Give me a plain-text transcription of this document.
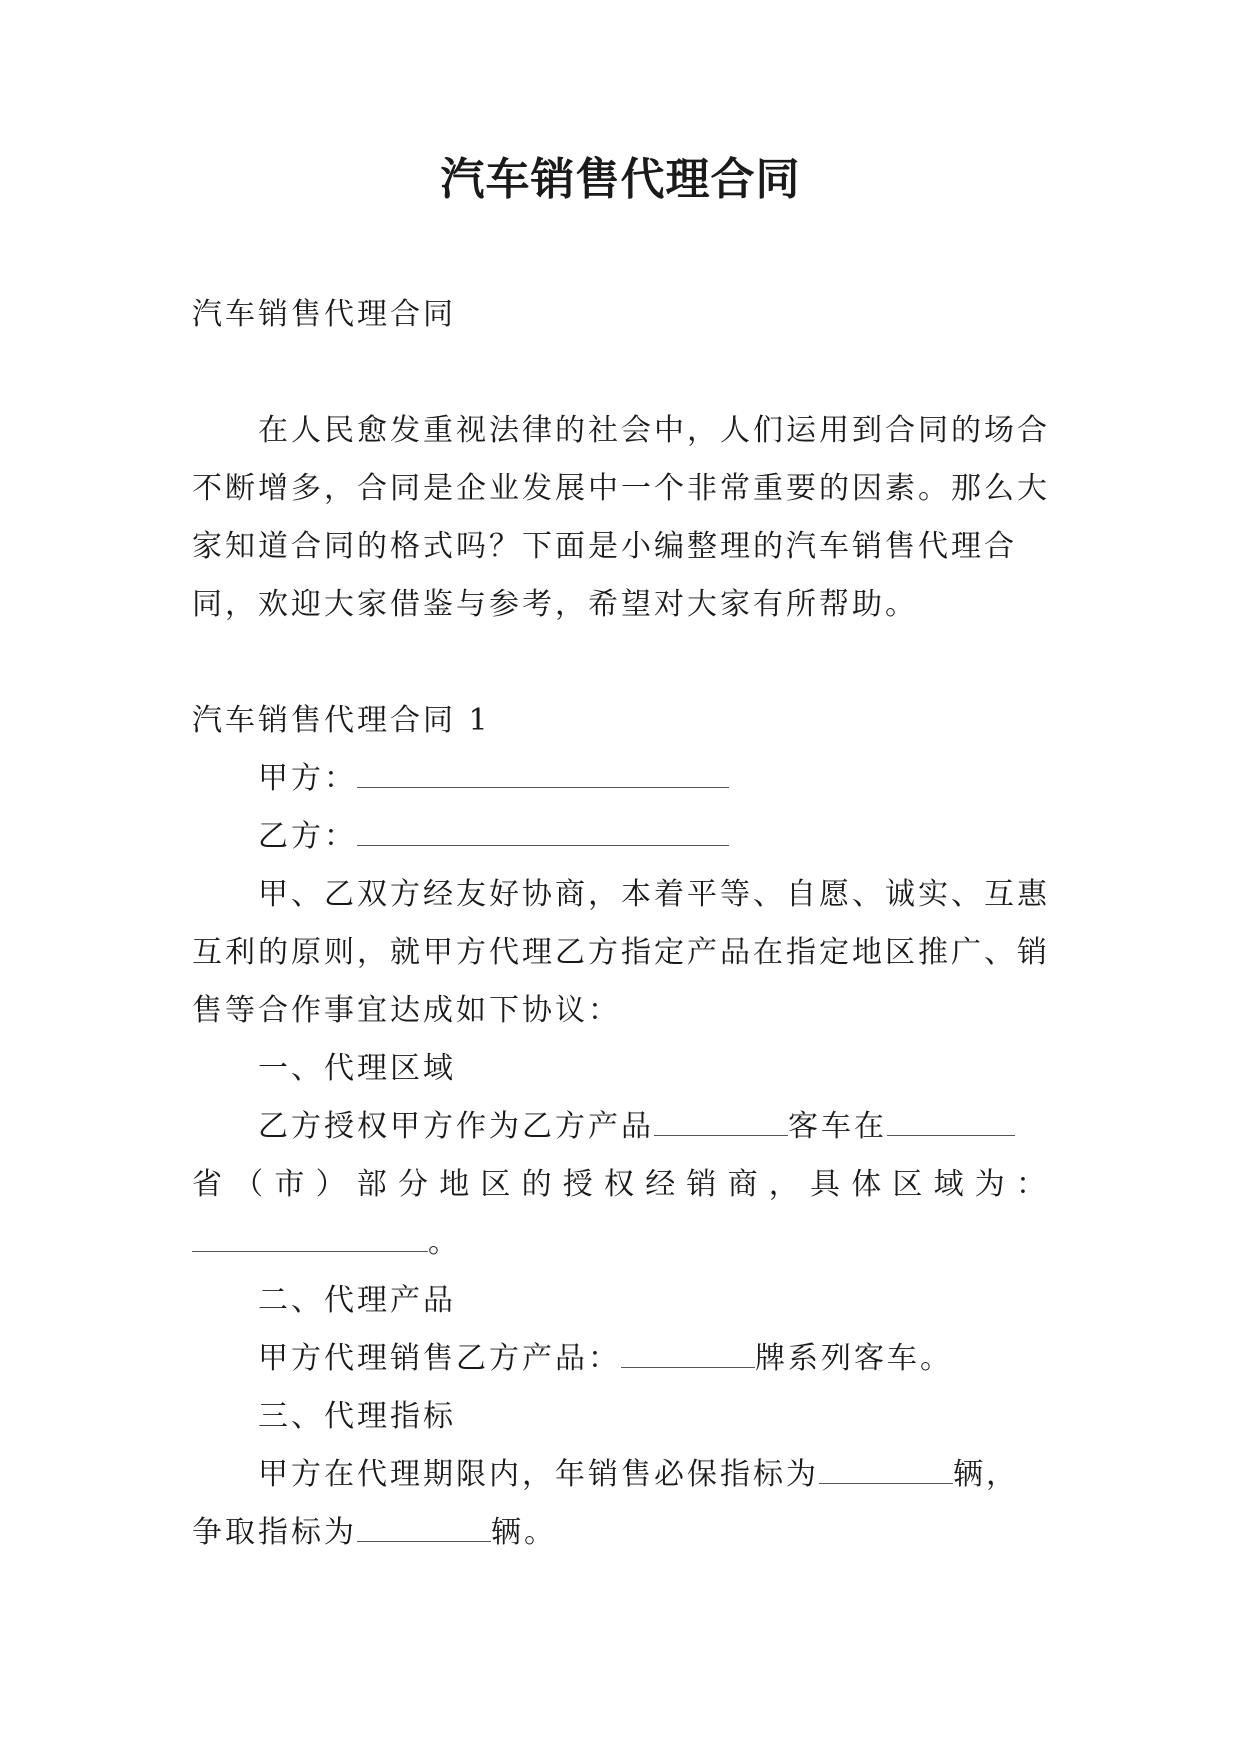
汽车销售代理合同

汽车销售代理合同

在人民愈发重视法律的社会中，人们运用到合同的场合不断增多，合同是企业发展中一个非常重要的因素。那么大家知道合同的格式吗？下面是小编整理的汽车销售代理合同，欢迎大家借鉴与参考，希望对大家有所帮助。

汽车销售代理合同 1

甲方：

乙方：

甲、乙双方经友好协商，本着平等、自愿、诚实、互惠互利的原则，就甲方代理乙方指定产品在指定地区推广、销售等合作事宜达成如下协议：

一、代理区域

乙方授权甲方作为乙方产品	客车在

省（市）部分地区的授权经销商，具体区域为：

。

二、代理产品

甲方代理销售乙方产品：	牌系列客车。

三、代理指标

甲方在代理期限内，年销售必保指标为	辆，

争取指标为	辆。
